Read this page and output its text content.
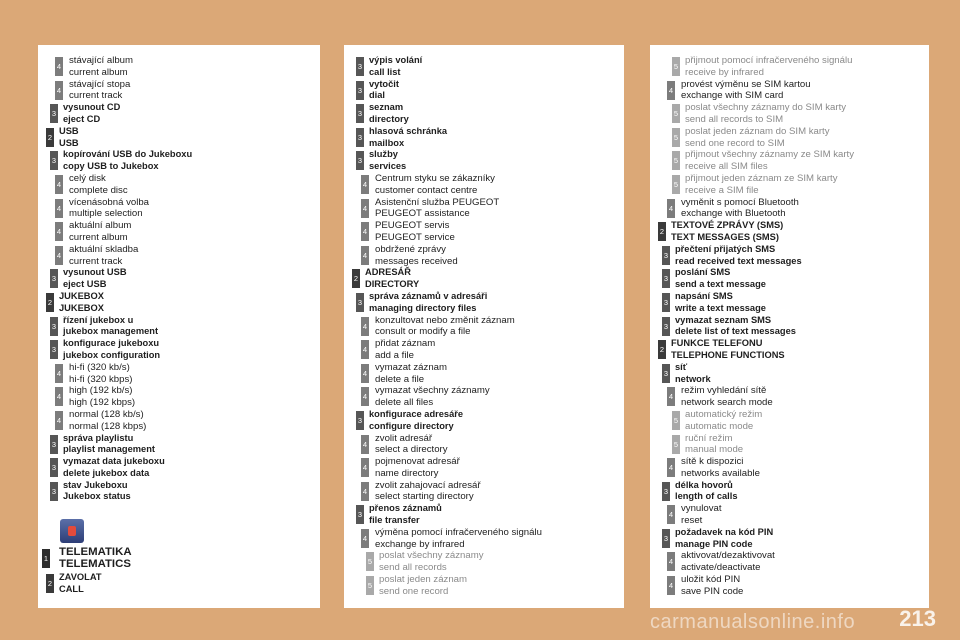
4
stávající album
current album
4
stávající stopa
current track
3
vysunout CD
eject CD
2
USB
USB
3
kopírování USB do Jukeboxu
copy USB to Jukebox
4
celý disk
complete disc
4
vícenásobná volba
multiple selection
4
aktuální album
current album
4
aktuální skladba
current track
3
vysunout USB
eject USB
2
JUKEBOX
JUKEBOX
3
řízení jukebox u
jukebox management
3
konfigurace jukeboxu
jukebox configuration
4
hi-fi (320 kb/s)
hi-fi (320 kbps)
4
high (192 kb/s)
high (192 kbps)
4
normal (128 kb/s)
normal (128 kbps)
3
správa playlistu
playlist management
3
vymazat data jukeboxu
delete jukebox data
3
stav Jukeboxu
Jukebox status
1
TELEMATIKA
TELEMATICS
2
ZAVOLAT
CALL
3
výpis volání
call list
3
vytočit
dial
3
seznam
directory
3
hlasová schránka
mailbox
3
služby
services
4
Centrum styku se zákazníky
customer contact centre
4
Asistenční služba PEUGEOT
PEUGEOT assistance
4
PEUGEOT servis
PEUGEOT service
4
obdržené zprávy
messages received
2
ADRESÁŘ
DIRECTORY
3
správa záznamů v adresáři
managing directory files
4
konzultovat nebo změnit záznam
consult or modify a file
4
přidat záznam
add a file
4
vymazat záznam
delete a file
4
vymazat všechny záznamy
delete all files
3
konfigurace adresáře
configure directory
4
zvolit adresář
select a directory
4
pojmenovat adresář
name directory
4
zvolit zahajovací adresář
select starting directory
3
přenos záznamů
file transfer
4
výměna pomocí infračerveného signálu
exchange by infrared
5
poslat všechny záznamy
send all records
5
poslat jeden záznam
send one record
5
přijmout pomocí infračerveného signálu
receive by infrared
4
provést výměnu se SIM kartou
exchange with SIM card
5
poslat všechny záznamy do SIM karty
send all records to SIM
5
poslat jeden záznam do SIM karty
send one record to SIM
5
přijmout všechny záznamy ze SIM karty
receive all SIM files
5
přijmout jeden záznam ze SIM karty
receive a SIM file
4
vyměnit s pomocí Bluetooth
exchange with Bluetooth
2
TEXTOVÉ ZPRÁVY (SMS)
TEXT MESSAGES (SMS)
3
přečtení přijatých SMS
read received text messages
3
poslání SMS
send a text message
3
napsání SMS
write a text message
3
vymazat seznam SMS
delete list of text messages
2
FUNKCE TELEFONU
TELEPHONE FUNCTIONS
3
síť
network
4
režim vyhledání sítě
network search mode
5
automatický režim
automatic mode
5
ruční režim
manual mode
4
sítě k dispozici
networks available
3
délka hovorů
length of calls
4
vynulovat
reset
3
požadavek na kód PIN
manage PIN code
4
aktivovat/dezaktivovat
activate/deactivate
4
uložit kód PIN
save PIN code
carmanualsonline.info 213
